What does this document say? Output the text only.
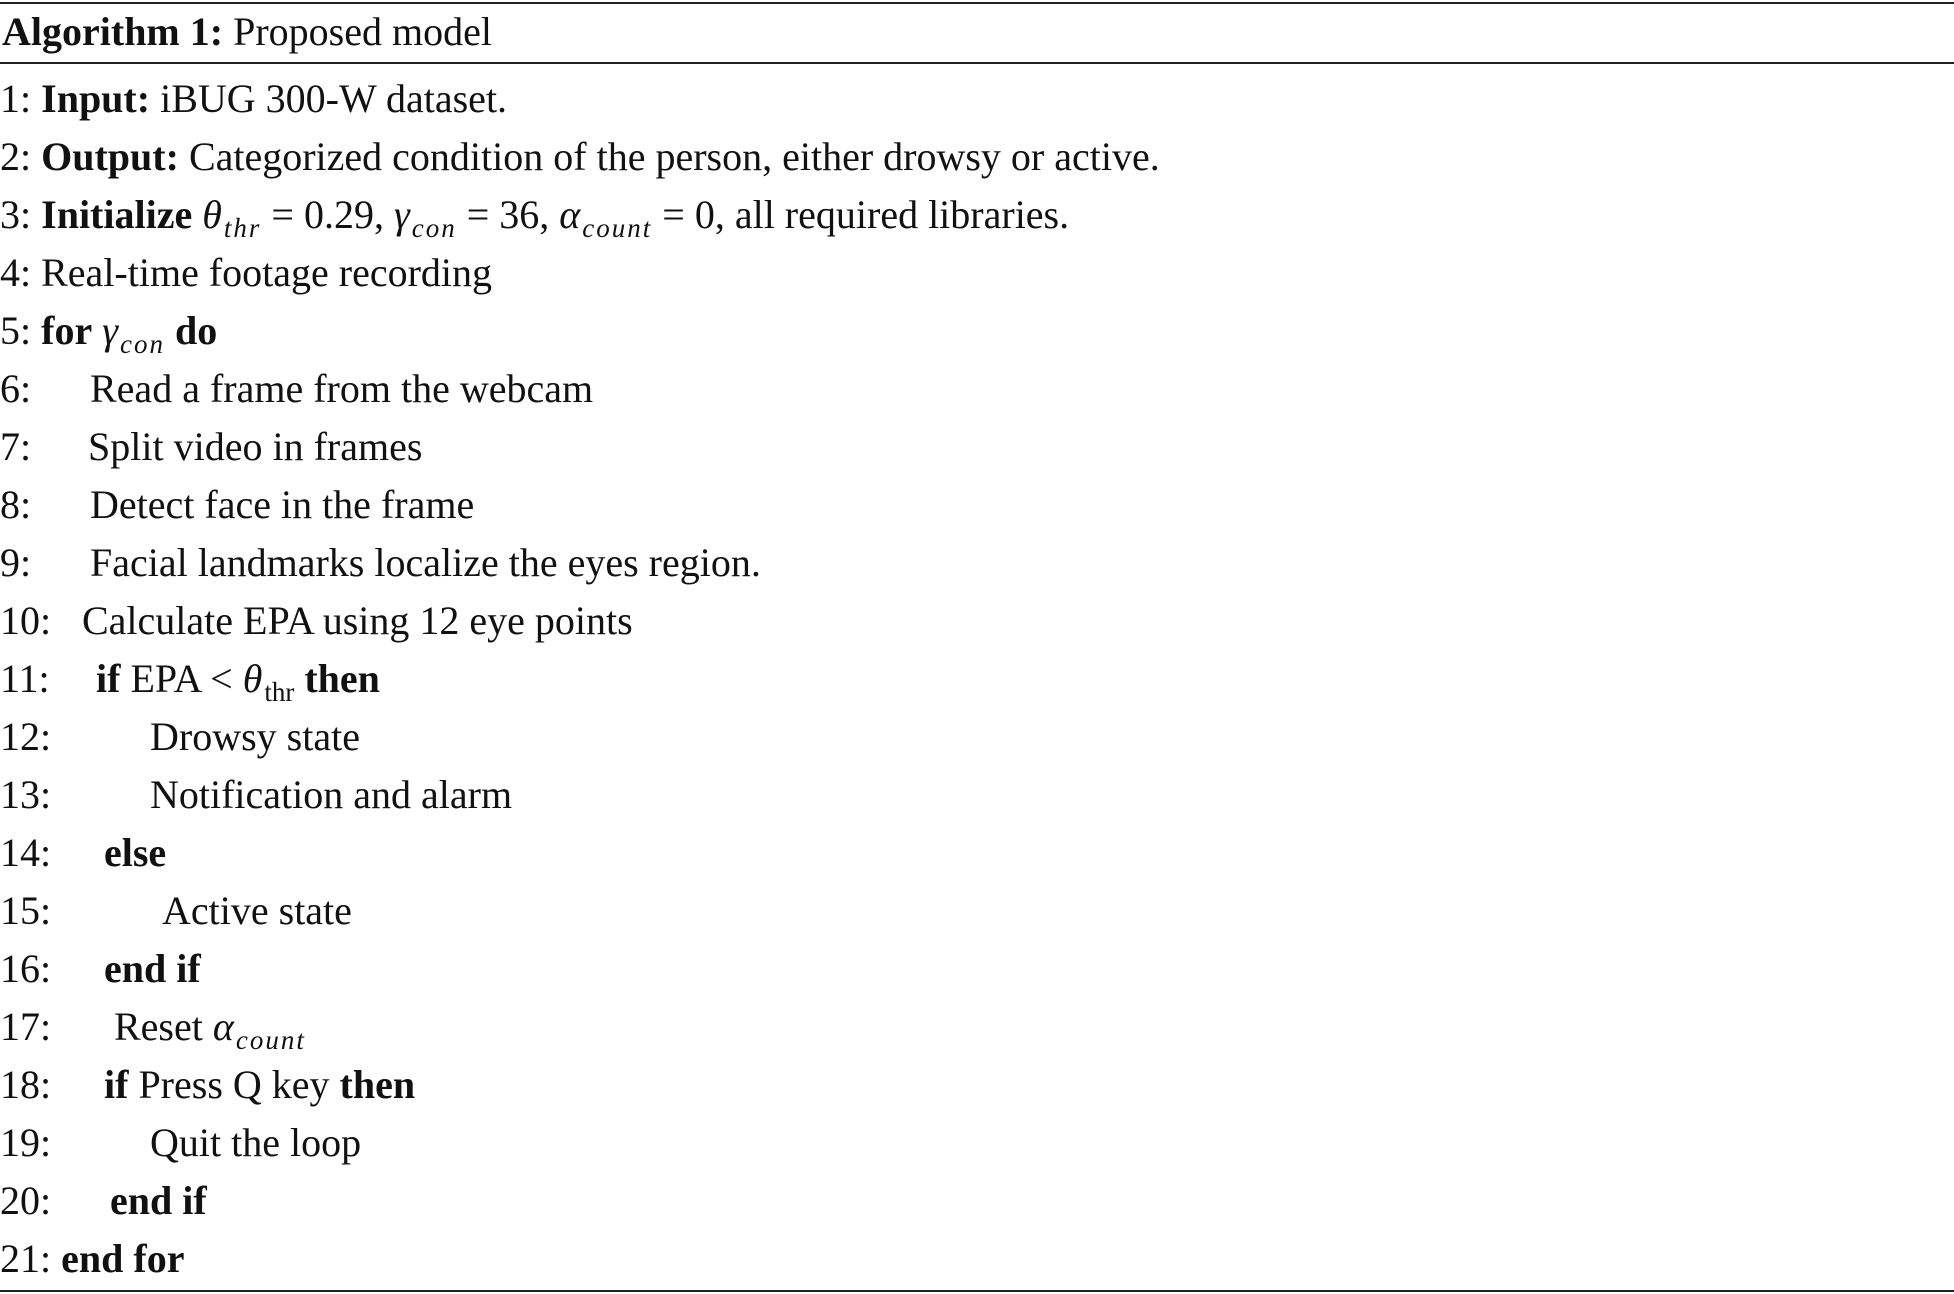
Algorithm 1: Proposed model
1: Input: iBUG 300-W dataset.
2: Output: Categorized condition of the person, either drowsy or active.
3: Initialize $\theta_{thr} = 0.29$, $\gamma_{con} = 36$, $\alpha_{count} = 0$, all required libraries.
4: Real-time footage recording
5: for $\gamma_{con}$ do
6: Read a frame from the webcam
7: Split video in frames
8: Detect face in the frame
9: Facial landmarks localize the eyes region.
10: Calculate EPA using 12 eye points
11: if EPA < $\theta_{thr}$ then
12: Drowsy state
13: Notification and alarm
14: else
15:	Active state
16: end if
17: Reset $\alpha_{count}$
18: if Press Q key then
19: Quit the loop
20: end if
21: end for
